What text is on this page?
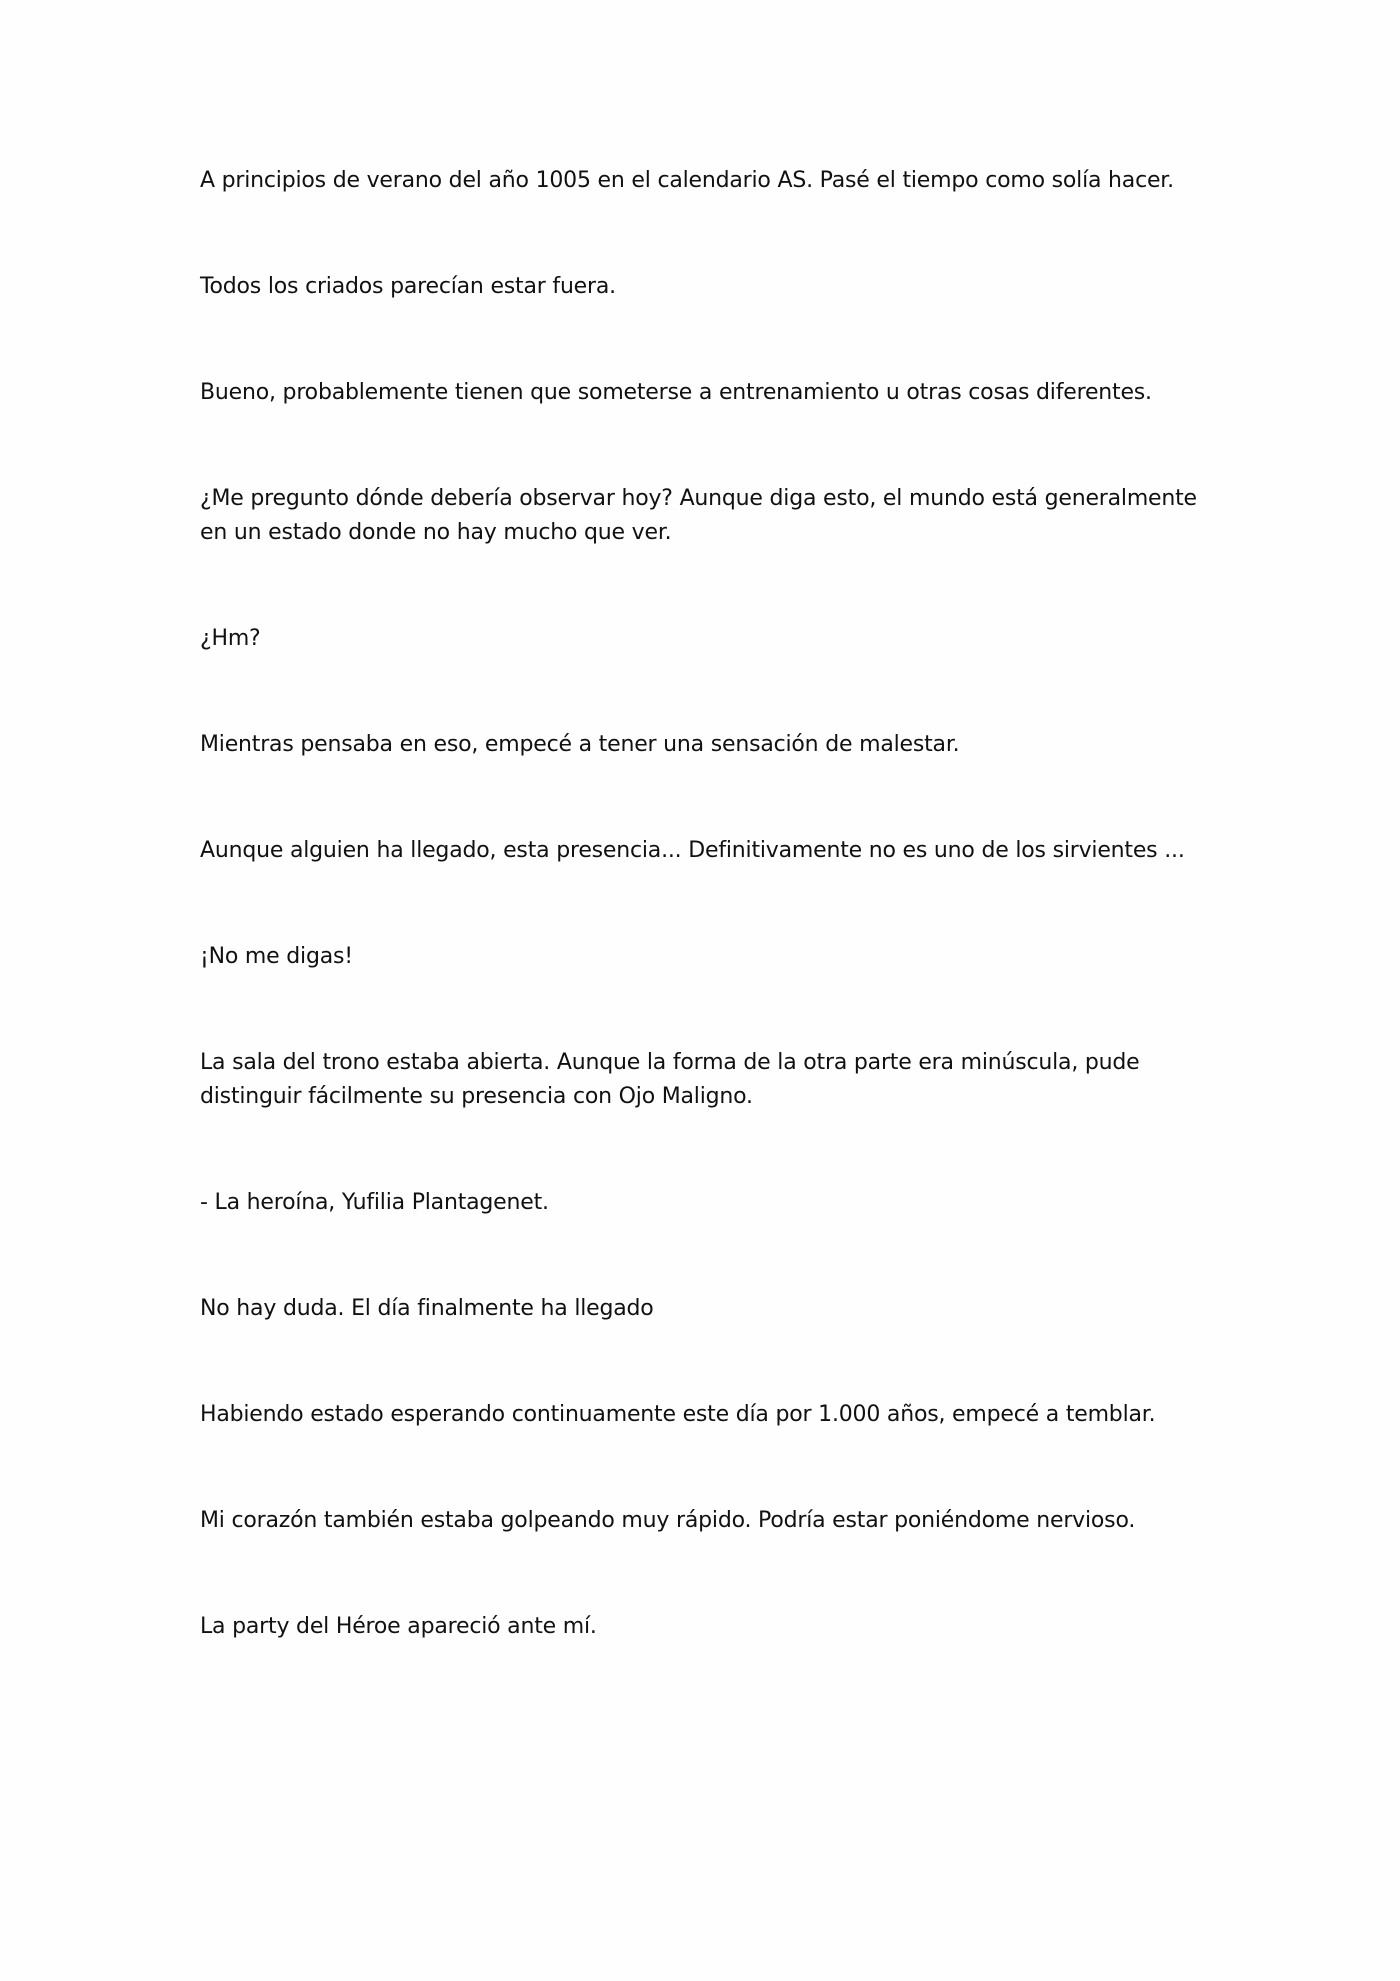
A principios de verano del año 1005 en el calendario AS. Pasé el tiempo como solía hacer.

Todos los criados parecían estar fuera.

Bueno, probablemente tienen que someterse a entrenamiento u otras cosas diferentes.

¿Me pregunto dónde debería observar hoy? Aunque diga esto, el mundo está generalmente en un estado donde no hay mucho que ver.

¿Hm?

Mientras pensaba en eso, empecé a tener una sensación de malestar.

Aunque alguien ha llegado, esta presencia... Definitivamente no es uno de los sirvientes ...

¡No me digas!

La sala del trono estaba abierta. Aunque la forma de la otra parte era minúscula, pude distinguir fácilmente su presencia con Ojo Maligno.

- La heroína, Yufilia Plantagenet.

No hay duda. El día finalmente ha llegado

Habiendo estado esperando continuamente este día por 1.000 años, empecé a temblar.

Mi corazón también estaba golpeando muy rápido. Podría estar poniéndome nervioso.

La party del Héroe apareció ante mí.
